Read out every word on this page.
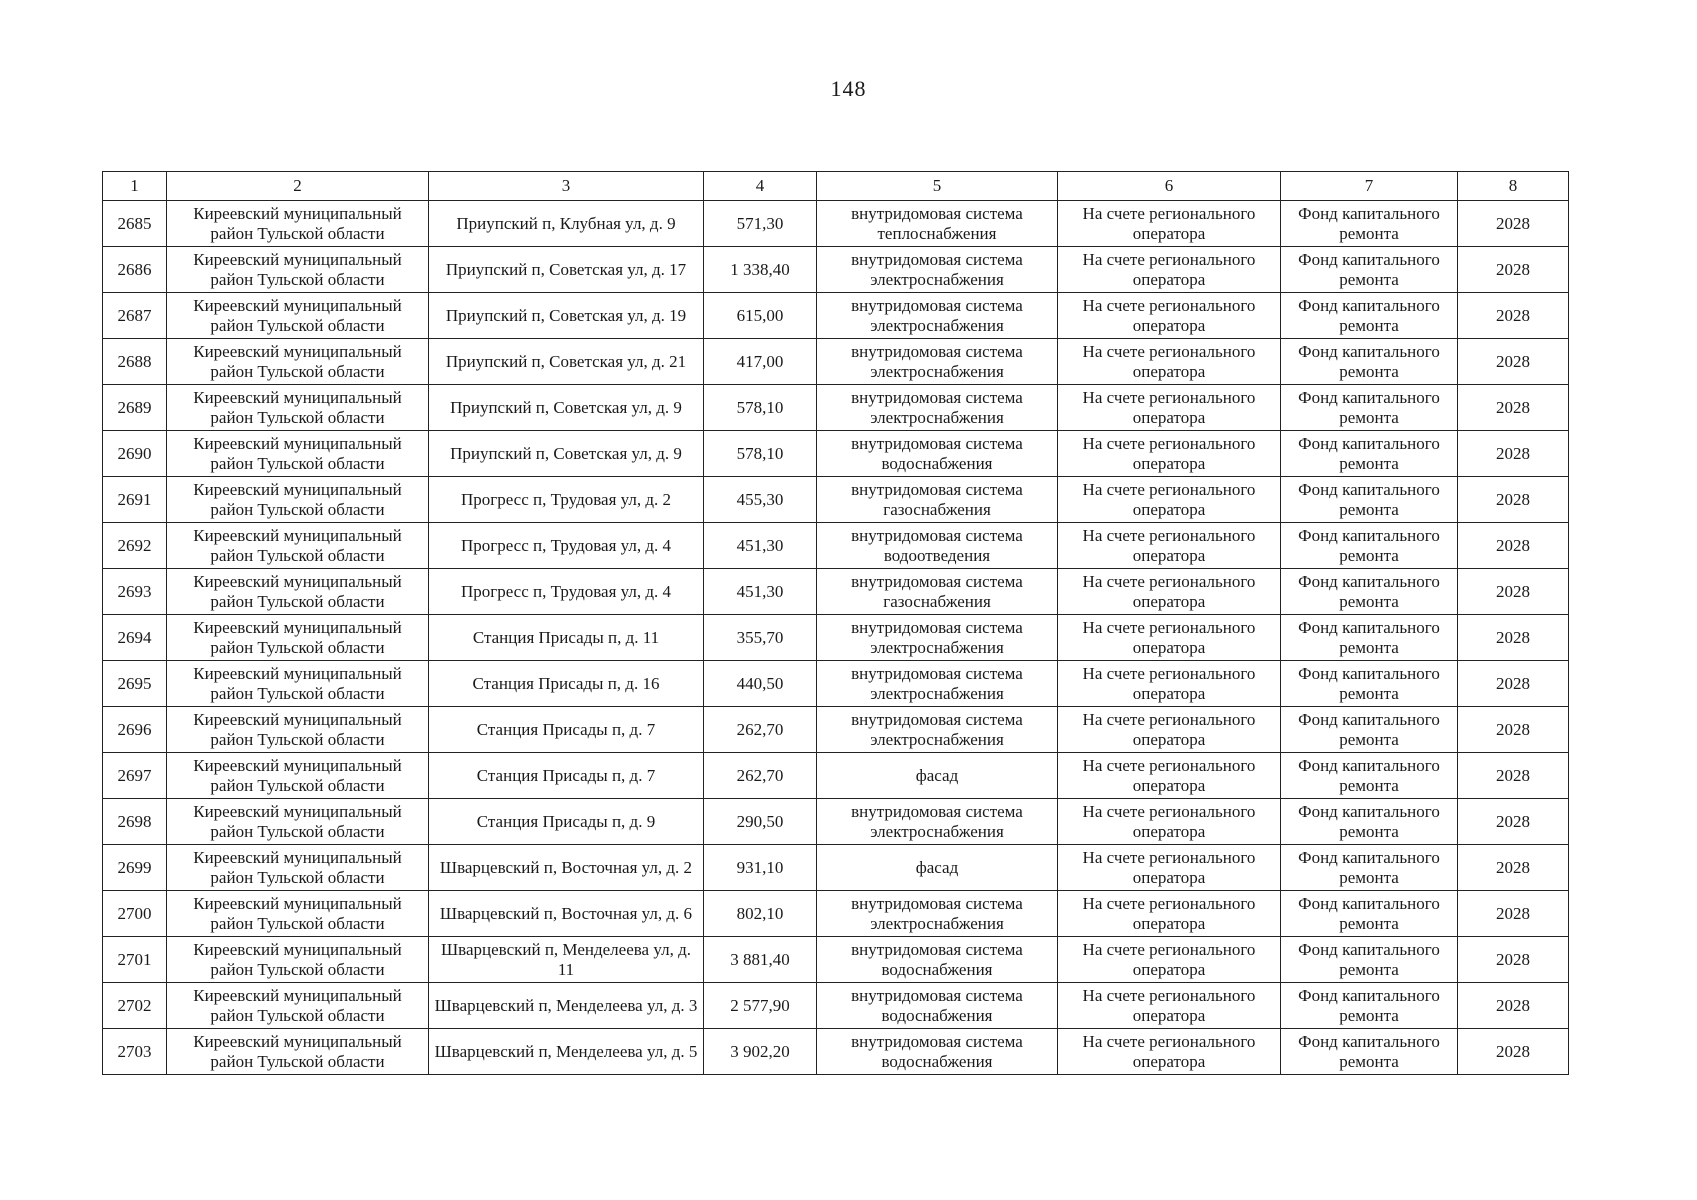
148
1	2	3	4	5	6	7	8
2685	Киреевский муниципальный район Тульской области	Приупский п, Клубная ул, д. 9	571,30	внутридомовая система теплоснабжения	На счете регионального оператора	Фонд капитального ремонта	2028
2686	Киреевский муниципальный район Тульской области	Приупский п, Советская ул, д. 17	1 338,40	внутридомовая система электроснабжения	На счете регионального оператора	Фонд капитального ремонта	2028
2687	Киреевский муниципальный район Тульской области	Приупский п, Советская ул, д. 19	615,00	внутридомовая система электроснабжения	На счете регионального оператора	Фонд капитального ремонта	2028
2688	Киреевский муниципальный район Тульской области	Приупский п, Советская ул, д. 21	417,00	внутридомовая система электроснабжения	На счете регионального оператора	Фонд капитального ремонта	2028
2689	Киреевский муниципальный район Тульской области	Приупский п, Советская ул, д. 9	578,10	внутридомовая система электроснабжения	На счете регионального оператора	Фонд капитального ремонта	2028
2690	Киреевский муниципальный район Тульской области	Приупский п, Советская ул, д. 9	578,10	внутридомовая система водоснабжения	На счете регионального оператора	Фонд капитального ремонта	2028
2691	Киреевский муниципальный район Тульской области	Прогресс п, Трудовая ул, д. 2	455,30	внутридомовая система газоснабжения	На счете регионального оператора	Фонд капитального ремонта	2028
2692	Киреевский муниципальный район Тульской области	Прогресс п, Трудовая ул, д. 4	451,30	внутридомовая система водоотведения	На счете регионального оператора	Фонд капитального ремонта	2028
2693	Киреевский муниципальный район Тульской области	Прогресс п, Трудовая ул, д. 4	451,30	внутридомовая система газоснабжения	На счете регионального оператора	Фонд капитального ремонта	2028
2694	Киреевский муниципальный район Тульской области	Станция Присады п, д. 11	355,70	внутридомовая система электроснабжения	На счете регионального оператора	Фонд капитального ремонта	2028
2695	Киреевский муниципальный район Тульской области	Станция Присады п, д. 16	440,50	внутридомовая система электроснабжения	На счете регионального оператора	Фонд капитального ремонта	2028
2696	Киреевский муниципальный район Тульской области	Станция Присады п, д. 7	262,70	внутридомовая система электроснабжения	На счете регионального оператора	Фонд капитального ремонта	2028
2697	Киреевский муниципальный район Тульской области	Станция Присады п, д. 7	262,70	фасад	На счете регионального оператора	Фонд капитального ремонта	2028
2698	Киреевский муниципальный район Тульской области	Станция Присады п, д. 9	290,50	внутридомовая система электроснабжения	На счете регионального оператора	Фонд капитального ремонта	2028
2699	Киреевский муниципальный район Тульской области	Шварцевский п, Восточная ул, д. 2	931,10	фасад	На счете регионального оператора	Фонд капитального ремонта	2028
2700	Киреевский муниципальный район Тульской области	Шварцевский п, Восточная ул, д. 6	802,10	внутридомовая система электроснабжения	На счете регионального оператора	Фонд капитального ремонта	2028
2701	Киреевский муниципальный район Тульской области	Шварцевский п, Менделеева ул, д. 11	3 881,40	внутридомовая система водоснабжения	На счете регионального оператора	Фонд капитального ремонта	2028
2702	Киреевский муниципальный район Тульской области	Шварцевский п, Менделеева ул, д. 3	2 577,90	внутридомовая система водоснабжения	На счете регионального оператора	Фонд капитального ремонта	2028
2703	Киреевский муниципальный район Тульской области	Шварцевский п, Менделеева ул, д. 5	3 902,20	внутридомовая система водоснабжения	На счете регионального оператора	Фонд капитального ремонта	2028
